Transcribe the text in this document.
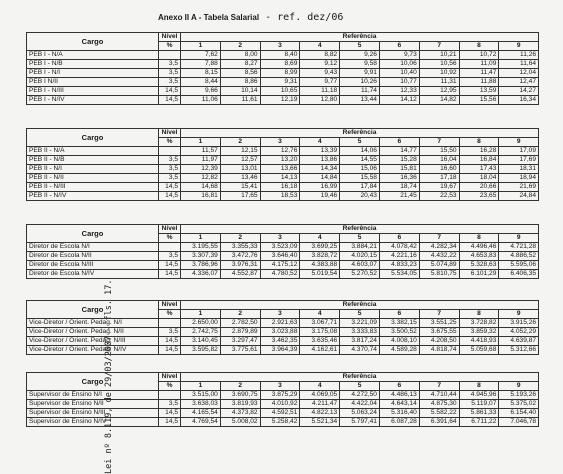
Anexo II A - Tabela Salarial - ref. dez/06
Lei nº 8.119, de 29/03/2007 - fls. 17.
Cargo	Nível	Referência								
	%	1	2	3	4	5	6	7	8	9
PEB I - N/A		7,62	8,00	8,40	8,82	9,26	9,73	10,21	10,72	11,26
PEB I - N/B	3,5	7,88	8,27	8,69	9,12	9,58	10,06	10,56	11,09	11,64
PEB I - N/I	3,5	8,15	8,56	8,99	9,43	9,91	10,40	10,92	11,47	12,04
PEB I N/II	3,5	8,44	8,86	9,31	9,77	10,26	10,77	11,31	11,88	12,47
PEB I - N/III	14,5	9,66	10,14	10,65	11,18	11,74	12,33	12,95	13,59	14,27
PEB I - N/IV	14,5	11,06	11,61	12,19	12,80	13,44	14,12	14,82	15,56	16,34
Cargo	Nível	Referência								
	%	1	2	3	4	5	6	7	8	9
PEB II - N/A		11,57	12,15	12,76	13,39	14,06	14,77	15,50	16,28	17,09
PEB II - N/B	3,5	11,97	12,57	13,20	13,86	14,55	15,28	16,04	16,84	17,69
PEB II - N/I	3,5	12,39	13,01	13,66	14,34	15,06	15,81	16,60	17,43	18,31
PEB II - N/II	3,5	12,82	13,46	14,13	14,84	15,58	16,36	17,18	18,04	18,94
PEB II - N/III	14,5	14,68	15,41	16,18	16,99	17,84	18,74	19,67	20,66	21,69
PEB II - N/IV	14,5	16,81	17,65	18,53	19,46	20,43	21,45	22,53	23,65	24,84
Cargo	Nível	Referência								
	%	1	2	3	4	5	6	7	8	9
Diretor de Escola N/I		3.195,55	3.355,33	3.523,09	3.699,25	3.884,21	4.078,42	4.282,34	4.496,46	4.721,28
Diretor de Escola N/II	3,5	3.307,39	3.472,76	3.646,40	3.828,72	4.020,15	4.221,16	4.432,22	4.653,83	4.886,52
Diretor de Escola N/III	14,5	3.786,96	3.976,31	4.175,12	4.383,88	4.603,07	4.833,23	5.074,89	5.328,63	5.595,06
Diretor de Escola N/IV	14,5	4.336,07	4.552,87	4.780,52	5.019,54	5.270,52	5.534,05	5.810,75	6.101,29	6.406,35
Cargo	Nível	Referência								
	%	1	2	3	4	5	6	7	8	9
Vice-Diretor / Orient. Pedag. N/I		2.650,00	2.782,50	2.921,63	3.067,71	3.221,09	3.382,15	3.551,25	3.728,82	3.915,26
Vice-Diretor / Orient. Pedag. N/II	3,5	2.742,75	2.879,89	3.023,88	3.175,08	3.333,83	3.500,52	3.675,55	3.859,32	4.052,29
Vice-Diretor / Orient. Pedag. N/III	14,5	3.140,45	3.297,47	3.462,35	3.635,46	3.817,24	4.008,10	4.208,50	4.418,93	4.639,87
Vice-Diretor / Orient. Pedag. N/IV	14,5	3.595,82	3.775,61	3.964,39	4.162,61	4.370,74	4.589,28	4.818,74	5.059,68	5.312,66
Cargo	Nível	Referência								
	%	1	2	3	4	5	6	7	8	9
Supervisor de Ensino N/I		3.515,00	3.690,75	3.875,29	4.069,05	4.272,50	4.486,13	4.710,44	4.945,96	5.193,26
Supervisor de Ensino N/II	3,5	3.638,03	3.819,93	4.010,92	4.211,47	4.422,04	4.643,14	4.875,30	5.119,07	5.375,02
Supervisor de Ensino N/III	14,5	4.165,54	4.373,82	4.592,51	4.822,13	5.063,24	5.316,40	5.582,22	5.861,33	6.154,40
Supervisor de Ensino N/IV	14,5	4.769,54	5.008,02	5.258,42	5.521,34	5.797,41	6.087,28	6.391,64	6.711,22	7.046,78
